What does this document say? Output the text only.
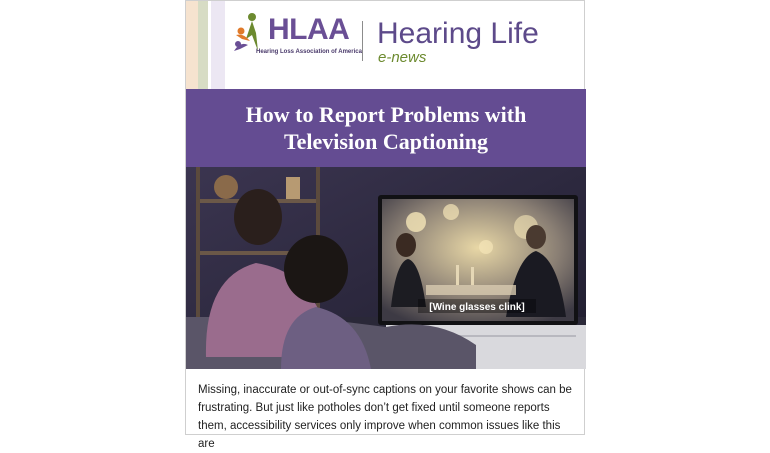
HLAA
Hearing Loss Association of America
Hearing Life
e-news
How to Report Problems with Television Captioning
[Wine glasses clink]

Missing, inaccurate or out-of-sync captions on your favorite shows can be frustrating. But just like potholes don’t get fixed until someone reports them, accessibility services only improve when common issues like this are
